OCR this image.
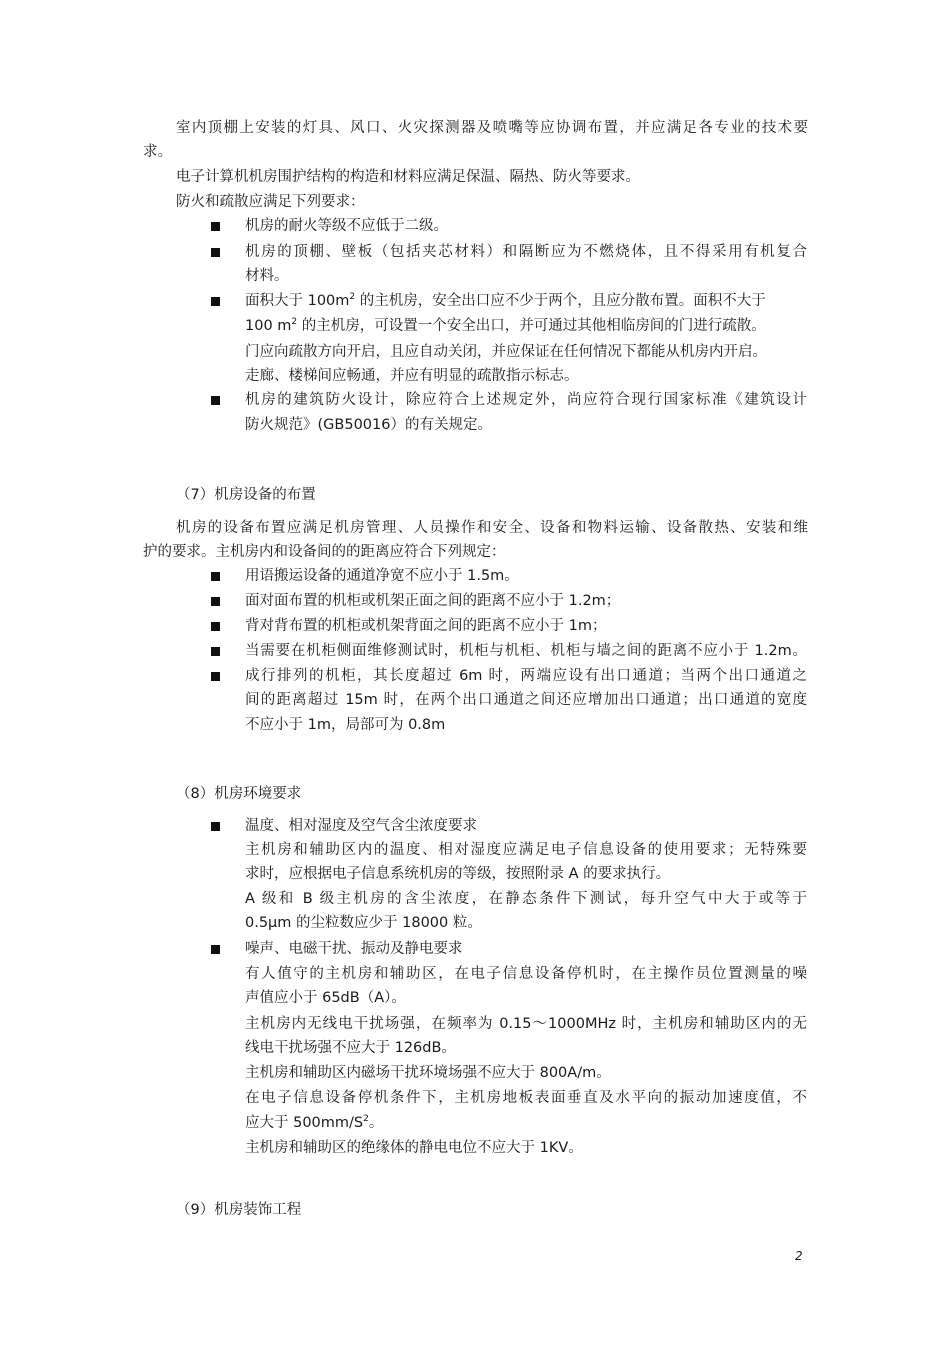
室内顶棚上安装的灯具、风口、火灾探测器及喷嘴等应协调布置，并应满足各专业的技术要
求。
电子计算机机房围护结构的构造和材料应满足保温、隔热、防火等要求。
防火和疏散应满足下列要求：
机房的耐火等级不应低于二级。
机房的顶棚、壁板（包括夹芯材料）和隔断应为不燃烧体，且不得采用有机复合
材料。
面积大于 $100m^2$ 的主机房，安全出口应不少于两个，且应分散布置。面积不大于
100 $m^2$ 的主机房，可设置一个安全出口，并可通过其他相临房间的门进行疏散。
门应向疏散方向开启，且应自动关闭，并应保证在任何情况下都能从机房内开启。
走廊、楼梯间应畅通，并应有明显的疏散指示标志。
机房的建筑防火设计，除应符合上述规定外，尚应符合现行国家标准《建筑设计
防火规范》(GB50016）的有关规定。
（7）机房设备的布置
机房的设备布置应满足机房管理、人员操作和安全、设备和物料运输、设备散热、安装和维
护的要求。主机房内和设备间的的距离应符合下列规定：
用语搬运设备的通道净宽不应小于 1.5m。
面对面布置的机柜或机架正面之间的距离不应小于 1.2m；
背对背布置的机柜或机架背面之间的距离不应小于 1m；
当需要在机柜侧面维修测试时，机柜与机柜、机柜与墙之间的距离不应小于 1.2m。
成行排列的机柜，其长度超过 6m 时，两端应设有出口通道；当两个出口通道之
间的距离超过 15m 时，在两个出口通道之间还应增加出口通道；出口通道的宽度
不应小于 1m，局部可为 0.8m
（8）机房环境要求
温度、相对湿度及空气含尘浓度要求
主机房和辅助区内的温度、相对湿度应满足电子信息设备的使用要求；无特殊要
求时，应根据电子信息系统机房的等级，按照附录 A 的要求执行。
A 级和 B 级主机房的含尘浓度，在静态条件下测试，每升空气中大于或等于
0.5μm 的尘粒数应少于 18000 粒。
噪声、电磁干扰、振动及静电要求
有人值守的主机房和辅助区，在电子信息设备停机时，在主操作员位置测量的噪
声值应小于 65dB（A）。
主机房内无线电干扰场强，在频率为 0.15～1000MHz 时，主机房和辅助区内的无
线电干扰场强不应大于 126dB。
主机房和辅助区内磁场干扰环境场强不应大于 800A/m。
在电子信息设备停机条件下，主机房地板表面垂直及水平向的振动加速度值，不
应大于 $500mm/S^2$。
主机房和辅助区的绝缘体的静电电位不应大于 1KV。
（9）机房装饰工程
2
